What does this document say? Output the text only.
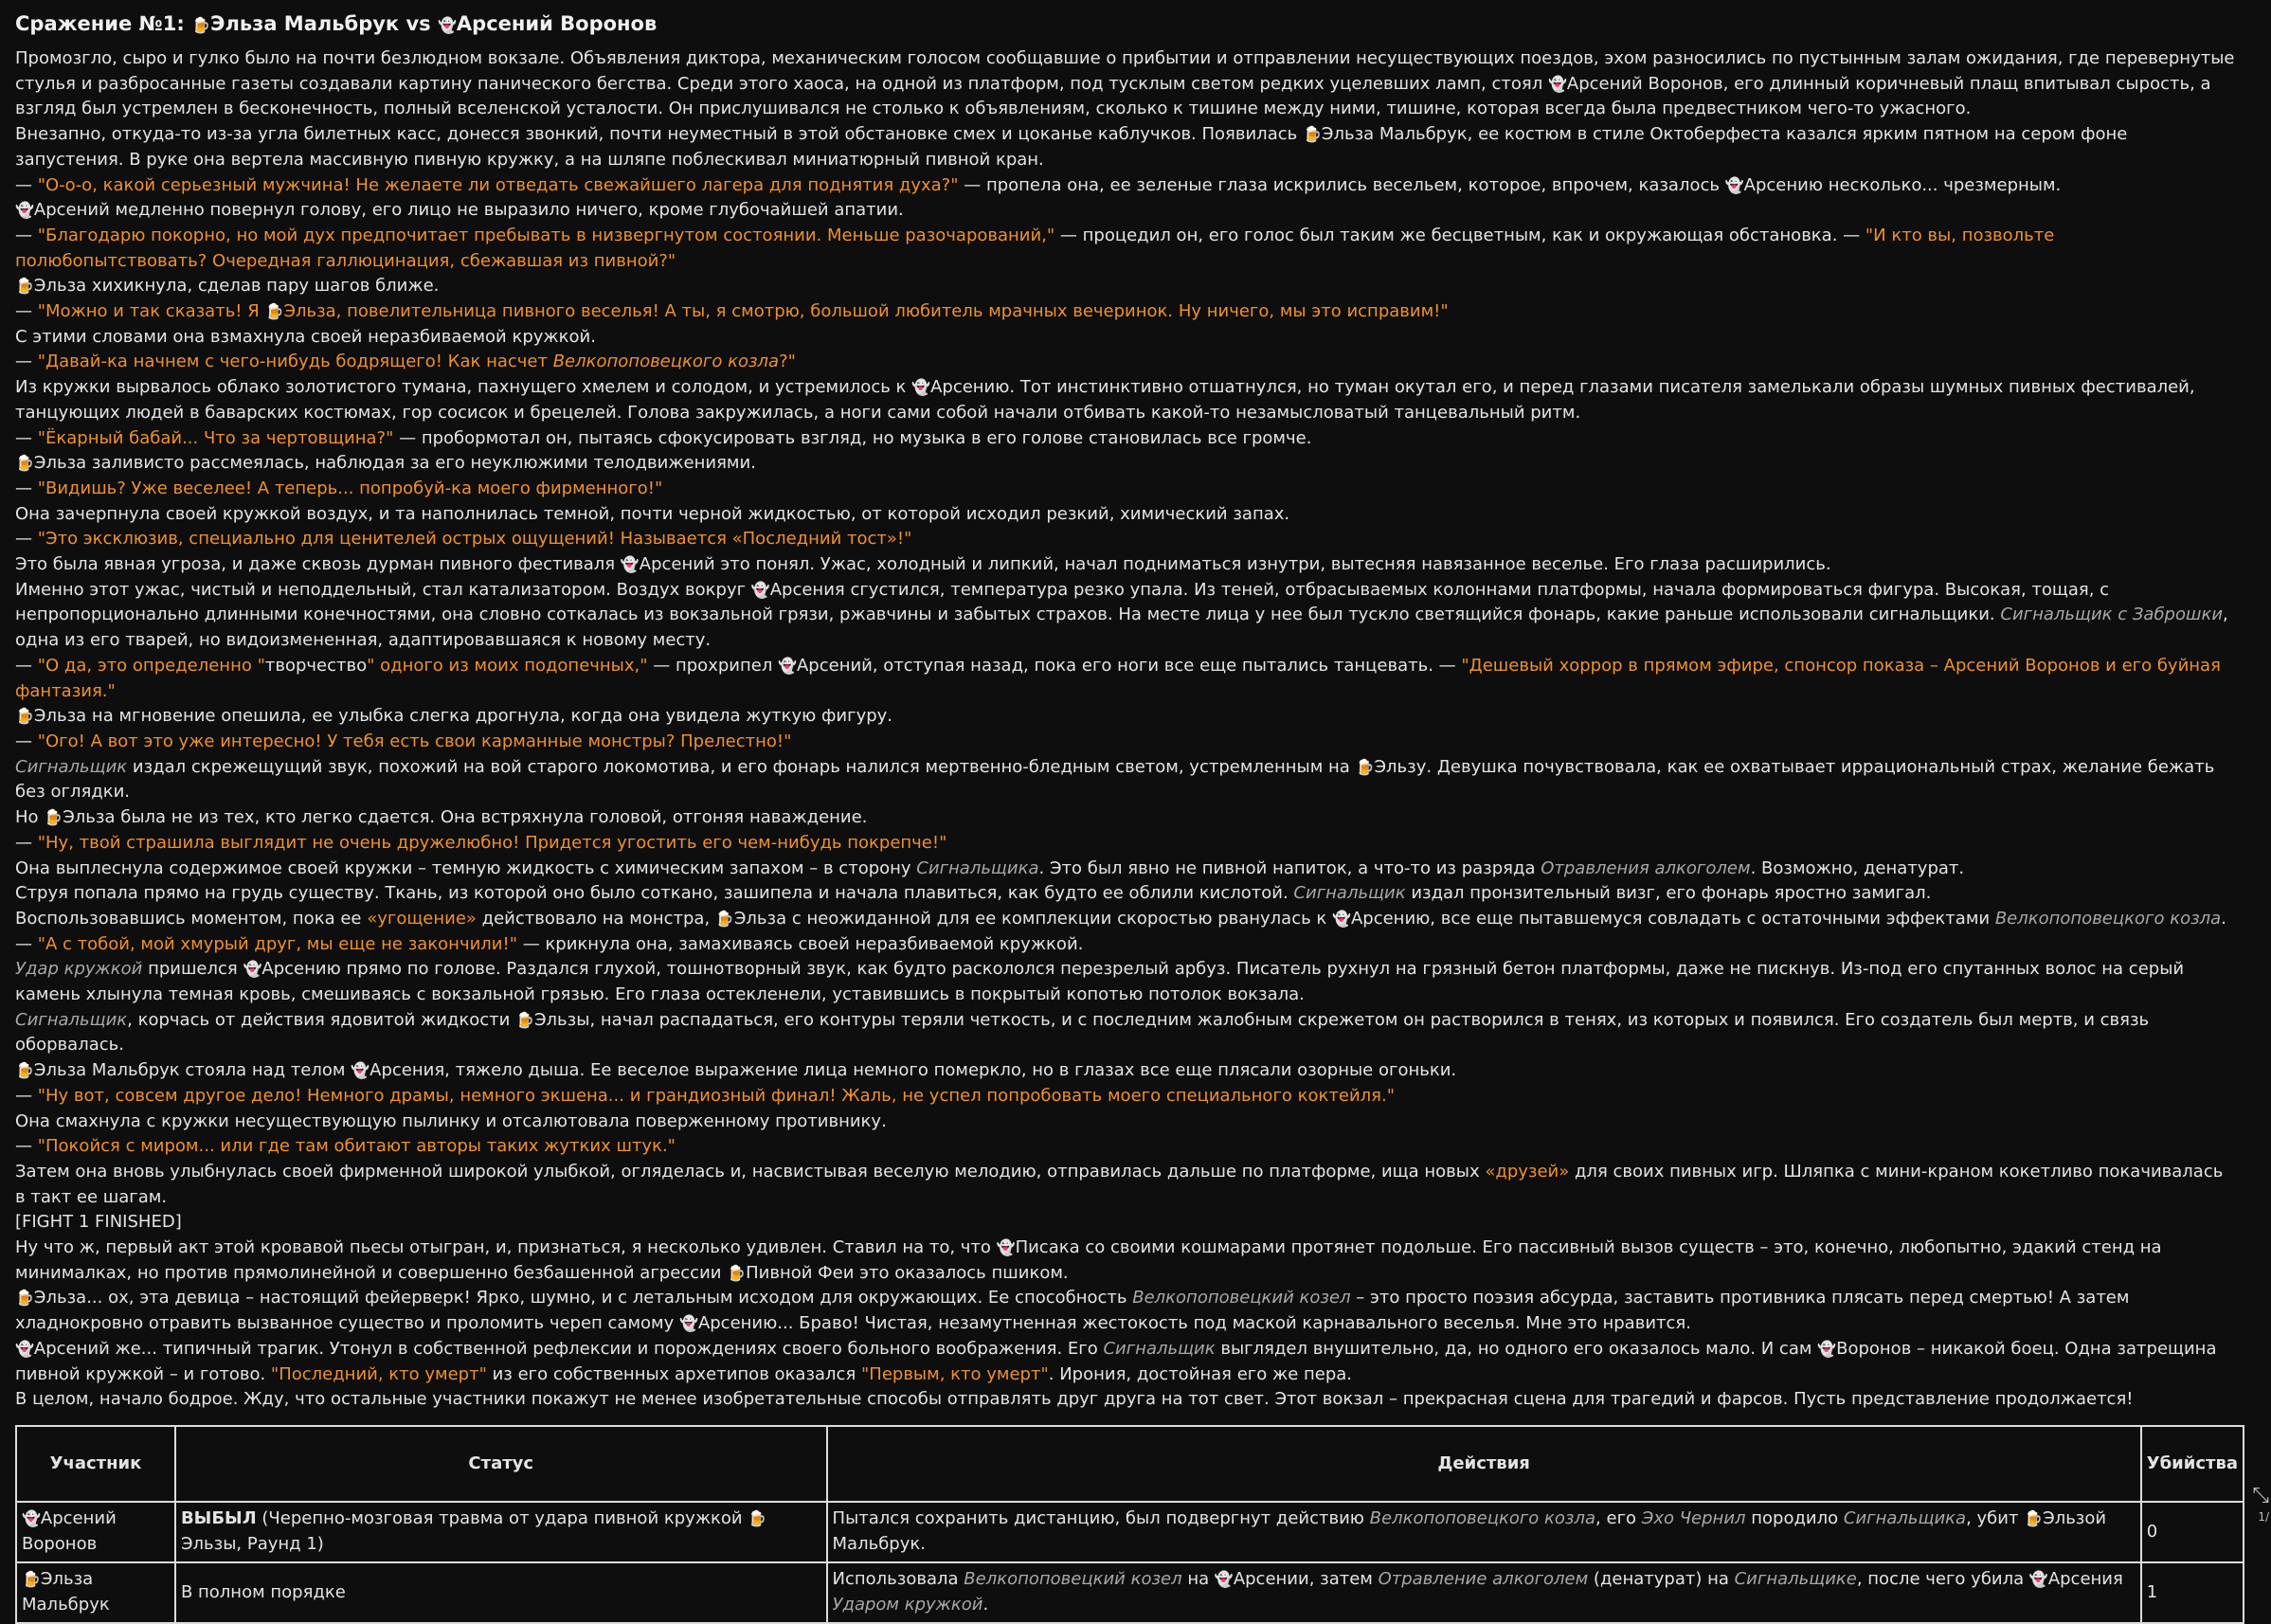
Сражение №1: 🍺Эльза Мальбрук vs 👻Арсений Воронов

Промозгло, сыро и гулко было на почти безлюдном вокзале. Объявления диктора, механическим голосом сообщавшие о прибытии и отправлении несуществующих поездов, эхом разносились по пустынным залам ожидания, где перевернутые стулья и разбросанные газеты создавали картину панического бегства. Среди этого хаоса, на одной из платформ, под тусклым светом редких уцелевших ламп, стоял 👻Арсений Воронов, его длинный коричневый плащ впитывал сырость, а взгляд был устремлен в бесконечность, полный вселенской усталости. Он прислушивался не столько к объявлениям, сколько к тишине между ними, тишине, которая всегда была предвестником чего-то ужасного.

Внезапно, откуда-то из-за угла билетных касс, донесся звонкий, почти неуместный в этой обстановке смех и цоканье каблучков. Появилась 🍺Эльза Мальбрук, ее костюм в стиле Октоберфеста казался ярким пятном на сером фоне запустения. В руке она вертела массивную пивную кружку, а на шляпе поблескивал миниатюрный пивной кран.

— "О-о-о, какой серьезный мужчина! Не желаете ли отведать свежайшего лагера для поднятия духа?" — пропела она, ее зеленые глаза искрились весельем, которое, впрочем, казалось 👻Арсению несколько... чрезмерным.

👻Арсений медленно повернул голову, его лицо не выразило ничего, кроме глубочайшей апатии.

— "Благодарю покорно, но мой дух предпочитает пребывать в низвергнутом состоянии. Меньше разочарований," — процедил он, его голос был таким же бесцветным, как и окружающая обстановка. — "И кто вы, позвольте полюбопытствовать? Очередная галлюцинация, сбежавшая из пивной?"

🍺Эльза хихикнула, сделав пару шагов ближе.

— "Можно и так сказать! Я 🍺Эльза, повелительница пивного веселья! А ты, я смотрю, большой любитель мрачных вечеринок. Ну ничего, мы это исправим!"

С этими словами она взмахнула своей неразбиваемой кружкой.

— "Давай-ка начнем с чего-нибудь бодрящего! Как насчет Велкопоповецкого козла?"

Из кружки вырвалось облако золотистого тумана, пахнущего хмелем и солодом, и устремилось к 👻Арсению. Тот инстинктивно отшатнулся, но туман окутал его, и перед глазами писателя замелькали образы шумных пивных фестивалей, танцующих людей в баварских костюмах, гор сосисок и брецелей. Голова закружилась, а ноги сами собой начали отбивать какой-то незамысловатый танцевальный ритм.

— "Ёкарный бабай... Что за чертовщина?" — пробормотал он, пытаясь сфокусировать взгляд, но музыка в его голове становилась все громче.

🍺Эльза заливисто рассмеялась, наблюдая за его неуклюжими телодвижениями.

— "Видишь? Уже веселее! А теперь... попробуй-ка моего фирменного!"

Она зачерпнула своей кружкой воздух, и та наполнилась темной, почти черной жидкостью, от которой исходил резкий, химический запах.

— "Это эксклюзив, специально для ценителей острых ощущений! Называется «Последний тост»!"

Это была явная угроза, и даже сквозь дурман пивного фестиваля 👻Арсений это понял. Ужас, холодный и липкий, начал подниматься изнутри, вытесняя навязанное веселье. Его глаза расширились.

Именно этот ужас, чистый и неподдельный, стал катализатором. Воздух вокруг 👻Арсения сгустился, температура резко упала. Из теней, отбрасываемых колоннами платформы, начала формироваться фигура. Высокая, тощая, с непропорционально длинными конечностями, она словно соткалась из вокзальной грязи, ржавчины и забытых страхов. На месте лица у нее был тускло светящийся фонарь, какие раньше использовали сигнальщики. Сигнальщик с Заброшки, одна из его тварей, но видоизмененная, адаптировавшаяся к новому месту.

— "О да, это определенно "творчество" одного из моих подопечных," — прохрипел 👻Арсений, отступая назад, пока его ноги все еще пытались танцевать. — "Дешевый хоррор в прямом эфире, спонсор показа – Арсений Воронов и его буйная фантазия."

🍺Эльза на мгновение опешила, ее улыбка слегка дрогнула, когда она увидела жуткую фигуру.

— "Ого! А вот это уже интересно! У тебя есть свои карманные монстры? Прелестно!"

Сигнальщик издал скрежещущий звук, похожий на вой старого локомотива, и его фонарь налился мертвенно-бледным светом, устремленным на 🍺Эльзу. Девушка почувствовала, как ее охватывает иррациональный страх, желание бежать без оглядки.

Но 🍺Эльза была не из тех, кто легко сдается. Она встряхнула головой, отгоняя наваждение.

— "Ну, твой страшила выглядит не очень дружелюбно! Придется угостить его чем-нибудь покрепче!"

Она выплеснула содержимое своей кружки – темную жидкость с химическим запахом – в сторону Сигнальщика. Это был явно не пивной напиток, а что-то из разряда Отравления алкоголем. Возможно, денатурат.

Струя попала прямо на грудь существу. Ткань, из которой оно было соткано, зашипела и начала плавиться, как будто ее облили кислотой. Сигнальщик издал пронзительный визг, его фонарь яростно замигал.

Воспользовавшись моментом, пока ее «угощение» действовало на монстра, 🍺Эльза с неожиданной для ее комплекции скоростью рванулась к 👻Арсению, все еще пытавшемуся совладать с остаточными эффектами Велкопоповецкого козла.

— "А с тобой, мой хмурый друг, мы еще не закончили!" — крикнула она, замахиваясь своей неразбиваемой кружкой.

Удар кружкой пришелся 👻Арсению прямо по голове. Раздался глухой, тошнотворный звук, как будто раскололся перезрелый арбуз. Писатель рухнул на грязный бетон платформы, даже не пискнув. Из-под его спутанных волос на серый камень хлынула темная кровь, смешиваясь с вокзальной грязью. Его глаза остекленели, уставившись в покрытый копотью потолок вокзала.

Сигнальщик, корчась от действия ядовитой жидкости 🍺Эльзы, начал распадаться, его контуры теряли четкость, и с последним жалобным скрежетом он растворился в тенях, из которых и появился. Его создатель был мертв, и связь оборвалась.

🍺Эльза Мальбрук стояла над телом 👻Арсения, тяжело дыша. Ее веселое выражение лица немного померкло, но в глазах все еще плясали озорные огоньки.

— "Ну вот, совсем другое дело! Немного драмы, немного экшена... и грандиозный финал! Жаль, не успел попробовать моего специального коктейля."

Она смахнула с кружки несуществующую пылинку и отсалютовала поверженному противнику.

— "Покойся с миром... или где там обитают авторы таких жутких штук."

Затем она вновь улыбнулась своей фирменной широкой улыбкой, огляделась и, насвистывая веселую мелодию, отправилась дальше по платформе, ища новых «друзей» для своих пивных игр. Шляпка с мини-краном кокетливо покачивалась в такт ее шагам.

[FIGHT 1 FINISHED]

Ну что ж, первый акт этой кровавой пьесы отыгран, и, признаться, я несколько удивлен. Ставил на то, что 👻Писака со своими кошмарами протянет подольше. Его пассивный вызов существ – это, конечно, любопытно, эдакий стенд на минималках, но против прямолинейной и совершенно безбашенной агрессии 🍺Пивной Феи это оказалось пшиком.

🍺Эльза... ох, эта девица – настоящий фейерверк! Ярко, шумно, и с летальным исходом для окружающих. Ее способность Велкопоповецкий козел – это просто поэзия абсурда, заставить противника плясать перед смертью! А затем хладнокровно отравить вызванное существо и проломить череп самому 👻Арсению... Браво! Чистая, незамутненная жестокость под маской карнавального веселья. Мне это нравится.

👻Арсений же... типичный трагик. Утонул в собственной рефлексии и порождениях своего больного воображения. Его Сигнальщик выглядел внушительно, да, но одного его оказалось мало. И сам 👻Воронов – никакой боец. Одна затрещина пивной кружкой – и готово. "Последний, кто умерт" из его собственных архетипов оказался "Первым, кто умерт". Ирония, достойная его же пера.

В целом, начало бодрое. Жду, что остальные участники покажут не менее изобретательные способы отправлять друг друга на тот свет. Этот вокзал – прекрасная сцена для трагедий и фарсов. Пусть представление продолжается!

Участник	Статус	Действия	Убийства
👻Арсений Воронов	ВЫБЫЛ (Черепно-мозговая травма от удара пивной кружкой 🍺Эльзы, Раунд 1)	Пытался сохранить дистанцию, был подвергнут действию Велкопоповецкого козла, его Эхо Чернил породило Сигнальщика, убит 🍺Эльзой Мальбрук.	0
🍺Эльза Мальбрук	В полном порядке	Использовала Велкопоповецкий козел на 👻Арсении, затем Отравление алкоголем (денатурат) на Сигнальщике, после чего убила 👻Арсения Ударом кружкой.	1	⤡
1/
